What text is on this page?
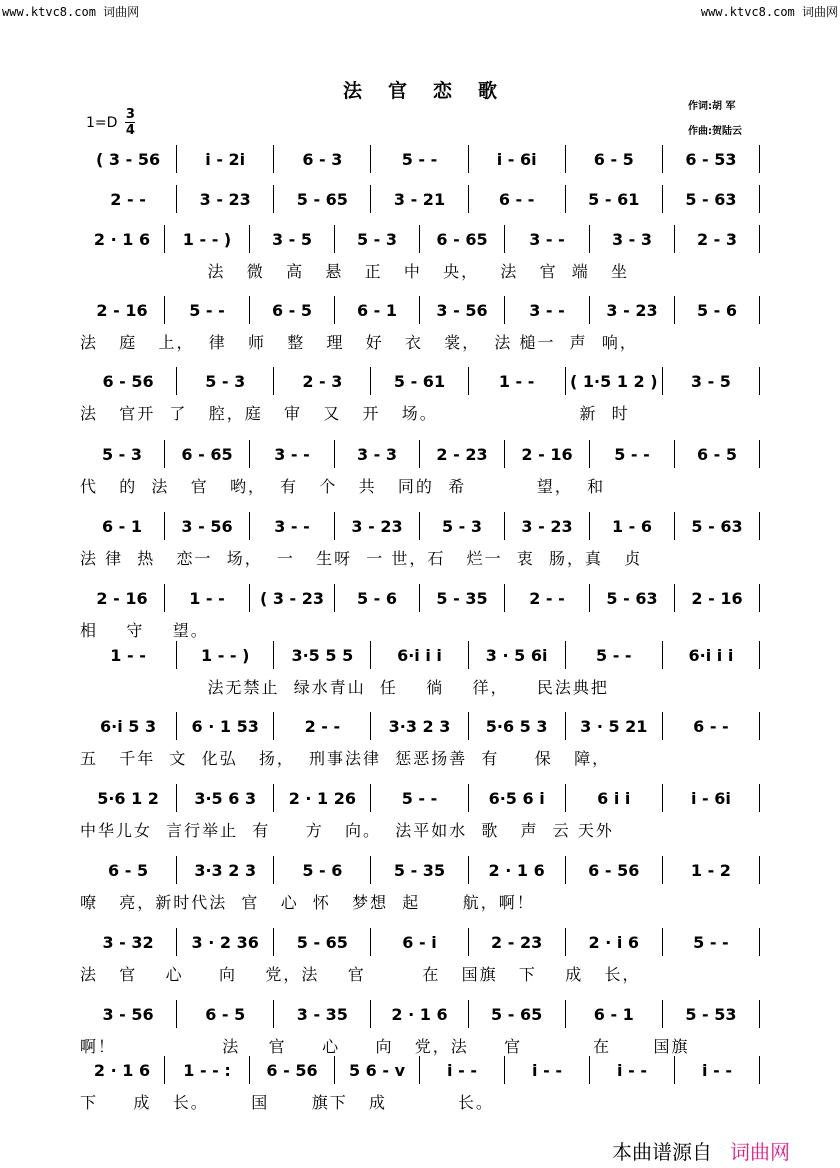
www.ktvc8.com 词曲网	www.ktvc8.com 词曲网
法官恋歌
$1=D \frac{3}{4}$
作词:胡 军
作曲:贺陆云
( 3 - 56	i - 2i	6 - 3	5 - -	i - 6i	6 - 5	6 - 53
2 - -	3 - 23	5 - 65	3 - 21	6 - -	5 - 61	5 - 63
2 · 1 6	1 - - )	3 - 5	5 - 3	6 - 65	3 - -	3 - 3	2 - 3
法   微   高   悬   正   中   央，   法   官  端   坐
2 - 16	5 - -	6 - 5	6 - 1	3 - 56	3 - -	3 - 23	5 - 6
法   庭   上，  律   师   整   理   好   衣   裳，  法 槌一  声  响，
6 - 56	5 - 3	2 - 3	5 - 61	1 - -	( 1·5 1 2 )	3 - 5
法   官开  了   腔，庭   审   又   开   场。                    新  时
5 - 3	6 - 65	3 - -	3 - 3	2 - 23	2 - 16	5 - -	6 - 5
代   的  法   官   哟，  有   个   共   同的  希          望，  和
6 - 1	3 - 56	3 - -	3 - 23	5 - 3	3 - 23	1 - 6	5 - 63
法 律  热   恋一  场，  一   生呀  一 世，石   烂一  衷  肠，真   贞
2 - 16	1 - -	( 3 - 23	5 - 6	5 - 35	2 - -	5 - 63	2 - 16
相    守    望。
1 - -	1 - - )	3·5 5 5	6·i i i	3 · 5 6i	5 - -	6·i i i
法无禁止  绿水青山  任    徜    徉，    民法典把
6·i 5 3	6 · 1 53	2 - -	3·3 2 3	5·6 5 3	3 · 5 21	6 - -
五   千年  文  化弘   扬，  刑事法律  惩恶扬善  有     保   障，
5·6 1 2	3·5 6 3	2 · 1 26	5 - -	6·5 6 i	6 i i	i - 6i
中华儿女  言行举止  有     方   向。  法平如水  歌   声  云 天外
6 - 5	3·3 2 3	5 - 6	5 - 35	2 · 1 6	6 - 56	1 - 2
嘹   亮，新时代法  官   心  怀   梦想  起      航，啊！
3 - 32	3 · 2 36	5 - 65	6 - i	2 - 23	2 · i 6	5 - -
法   官    心     向    党，法    官        在   国旗   下    成   长，
3 - 56	6 - 5	3 - 35	2 · 1 6	5 - 65	6 - 1	5 - 53
啊！               法    官     心     向   党，法     官          在      国旗
2 · 1 6	1 - - :	6 - 56	5 6 - v	i - -	i - -	i - -	i - -
下     成   长。      国      旗下   成          长。
本曲谱源自 词曲网
